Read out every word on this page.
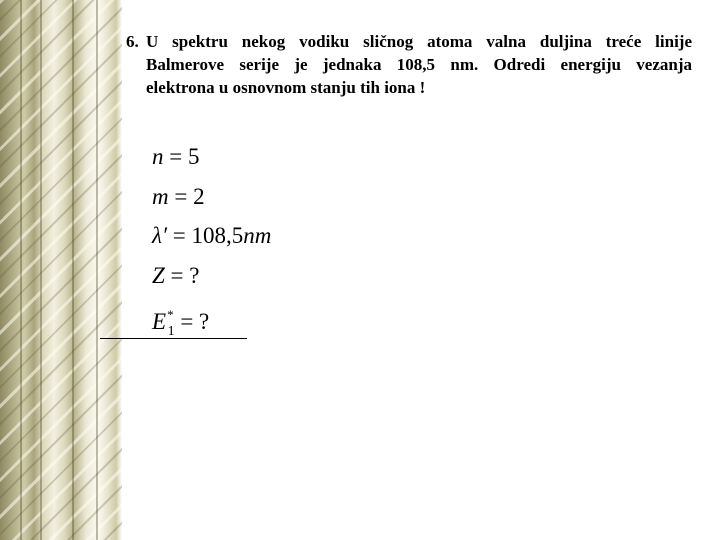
6. U spektru nekog vodiku sličnog atoma valna duljina treće linije
Balmerove serije je jednaka 108,5 nm. Odredi energiju vezanja
elektrona u osnovnom stanju tih iona !
n = 5
m = 2
λ′ = 108,5nm
Z = ?
$E^*_1$ = ?
